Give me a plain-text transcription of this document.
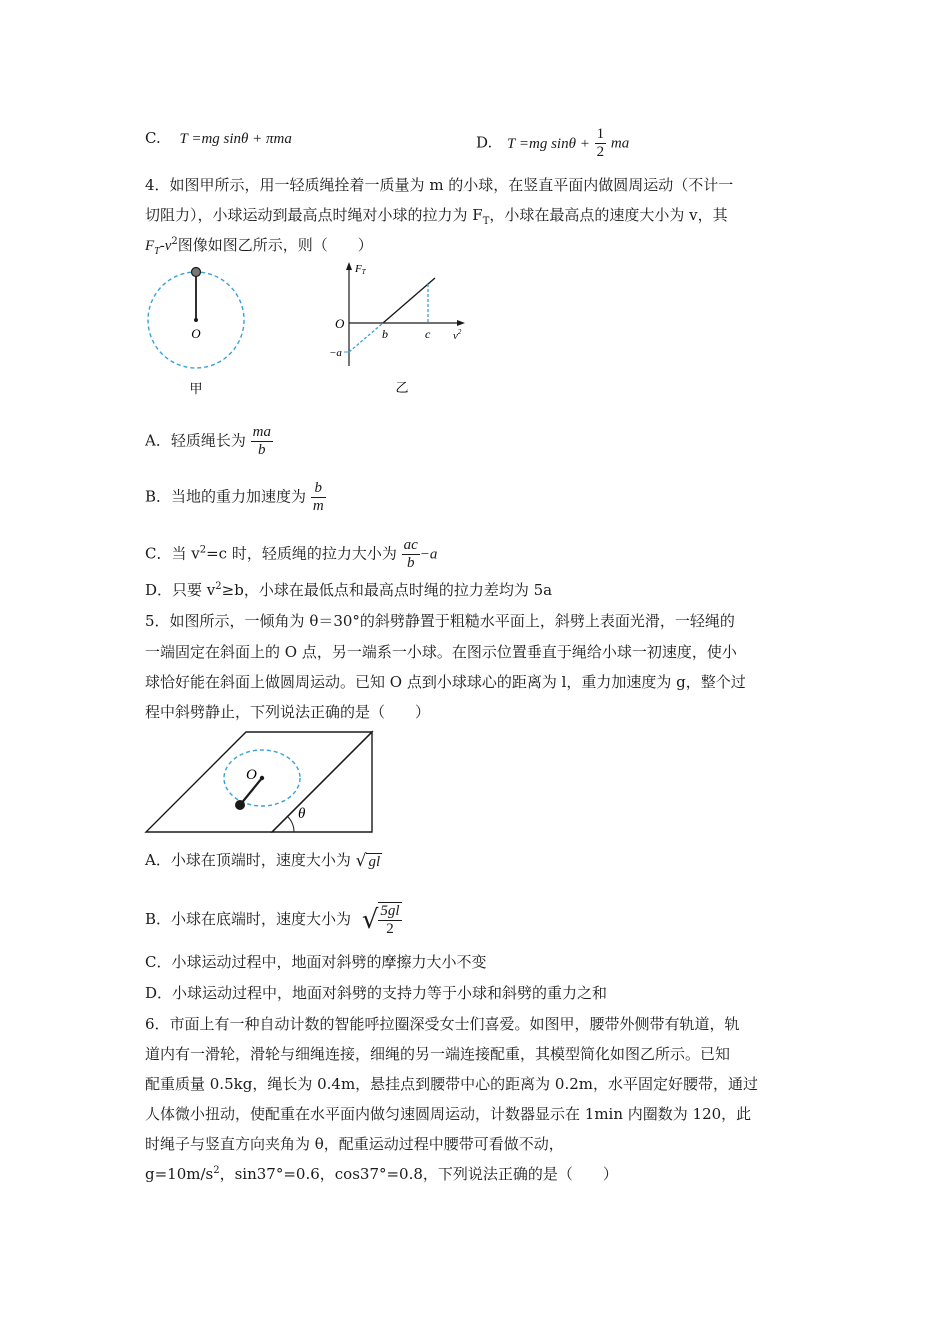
C. T =mg sinθ + πma	D. T =mg $\sin\theta + \frac{1}{2}$ ma
4．如图甲所示，用一轻质绳拴着一质量为 m 的小球，在竖直平面内做圆周运动（不计一
切阻力），小球运动到最高点时绳对小球的拉力为 $F_T$，小球在最高点的速度大小为 v，其
$F_T-v^2$图像如图乙所示，则（　　）
O
甲
FT
$v^2$
O
b	c
−a
乙
A．轻质绳长为 $\frac{ma}{b}$
B．当地的重力加速度为 $\frac{b}{m}$
C．当 $v^2=c$ 时，轻质绳的拉力大小为 $\frac{ac}{b} -a$
D．只要 $v^2\ge b$，小球在最低点和最高点时绳的拉力差均为 5a
5．如图所示，一倾角为 θ＝30°的斜劈静置于粗糙水平面上，斜劈上表面光滑，一轻绳的
一端固定在斜面上的 O 点，另一端系一小球。在图示位置垂直于绳给小球一初速度，使小
球恰好能在斜面上做圆周运动。已知 O 点到小球球心的距离为 l，重力加速度为 g，整个过
程中斜劈静止，下列说法正确的是（　　）
O
θ
A．小球在顶端时，速度大小为 √ gl
B．小球在底端时，速度大小为 √ $\frac{5gl}{2}$
C．小球运动过程中，地面对斜劈的摩擦力大小不变
D．小球运动过程中，地面对斜劈的支持力等于小球和斜劈的重力之和
6．市面上有一种自动计数的智能呼拉圈深受女士们喜爱。如图甲，腰带外侧带有轨道，轨
道内有一滑轮，滑轮与细绳连接，细绳的另一端连接配重，其模型简化如图乙所示。已知
配重质量 0.5kg，绳长为 0.4m，悬挂点到腰带中心的距离为 0.2m，水平固定好腰带，通过
人体微小扭动，使配重在水平面内做匀速圆周运动，计数器显示在 1min 内圈数为 120，此
时绳子与竖直方向夹角为 θ，配重运动过程中腰带可看做不动，
$g=10m/s^2$，sin37°=0.6，cos37°=0.8，下列说法正确的是（　　）
